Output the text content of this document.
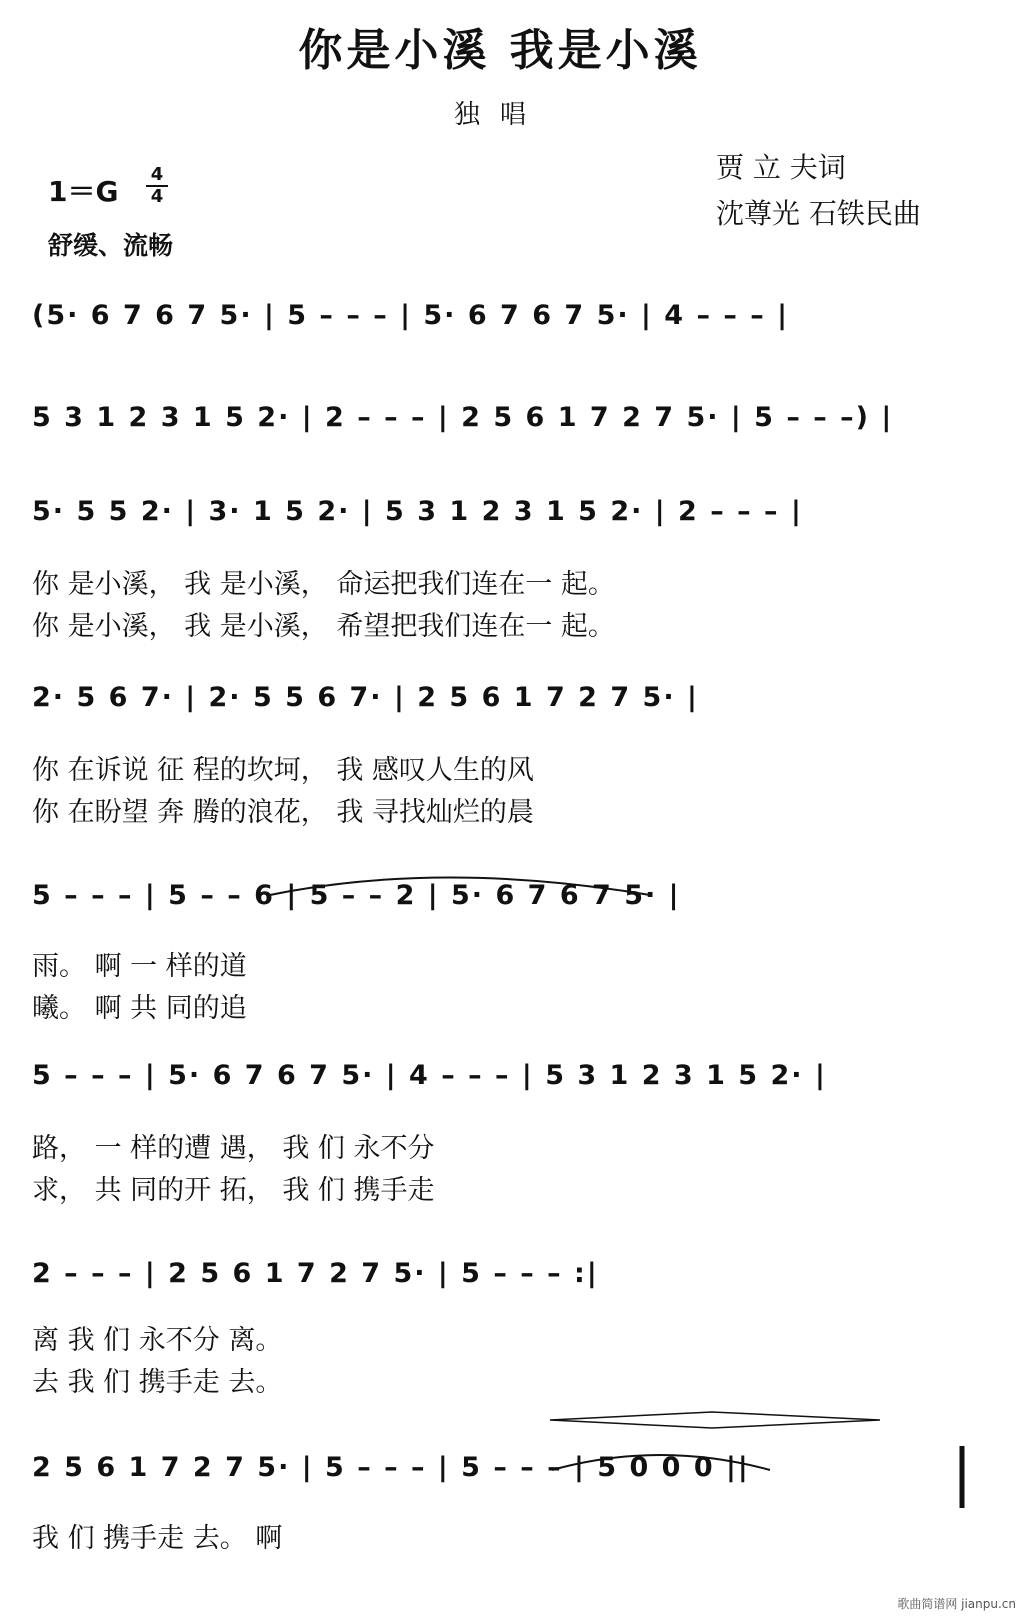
你是小溪 我是小溪
独唱
1＝G
4
4
舒缓、流畅
贾 立 夫词
沈尊光 石铁民曲
(5· 6 7 6 7 5· | 5 – – – | 5· 6 7 6 7 5· | 4 – – – |
5 3 1 2 3 1 5 2· | 2 – – – | 2 5 6 1 7 2 7 5· | 5 – – –) |
5· 5 5 2· | 3· 1 5 2· | 5 3 1 2 3 1 5 2· | 2 – – – |
你 是小溪， 我 是小溪， 命运把我们连在一 起。
你 是小溪， 我 是小溪， 希望把我们连在一 起。
2· 5 6 7· | 2· 5 5 6 7· | 2 5 6 1 7 2 7 5· |
你 在诉说 征 程的坎坷， 我 感叹人生的风
你 在盼望 奔 腾的浪花， 我 寻找灿烂的晨
5 – – – | 5 – – 6 | 5 – – 2 | 5· 6 7 6 7 5· |
雨。 啊 一 样的道
曦。 啊 共 同的追
5 – – – | 5· 6 7 6 7 5· | 4 – – – | 5 3 1 2 3 1 5 2· |
路， 一 样的遭 遇， 我 们 永不分
求， 共 同的开 拓， 我 们 携手走
2 – – – | 2 5 6 1 7 2 7 5· | 5 – – – :|
离 我 们 永不分 离。
去 我 们 携手走 去。
2 5 6 1 7 2 7 5· | 5 – – – | 5 – – – | 5 0 0 0 ||
我 们 携手走 去。 啊
歌曲简谱网 jianpu.cn
